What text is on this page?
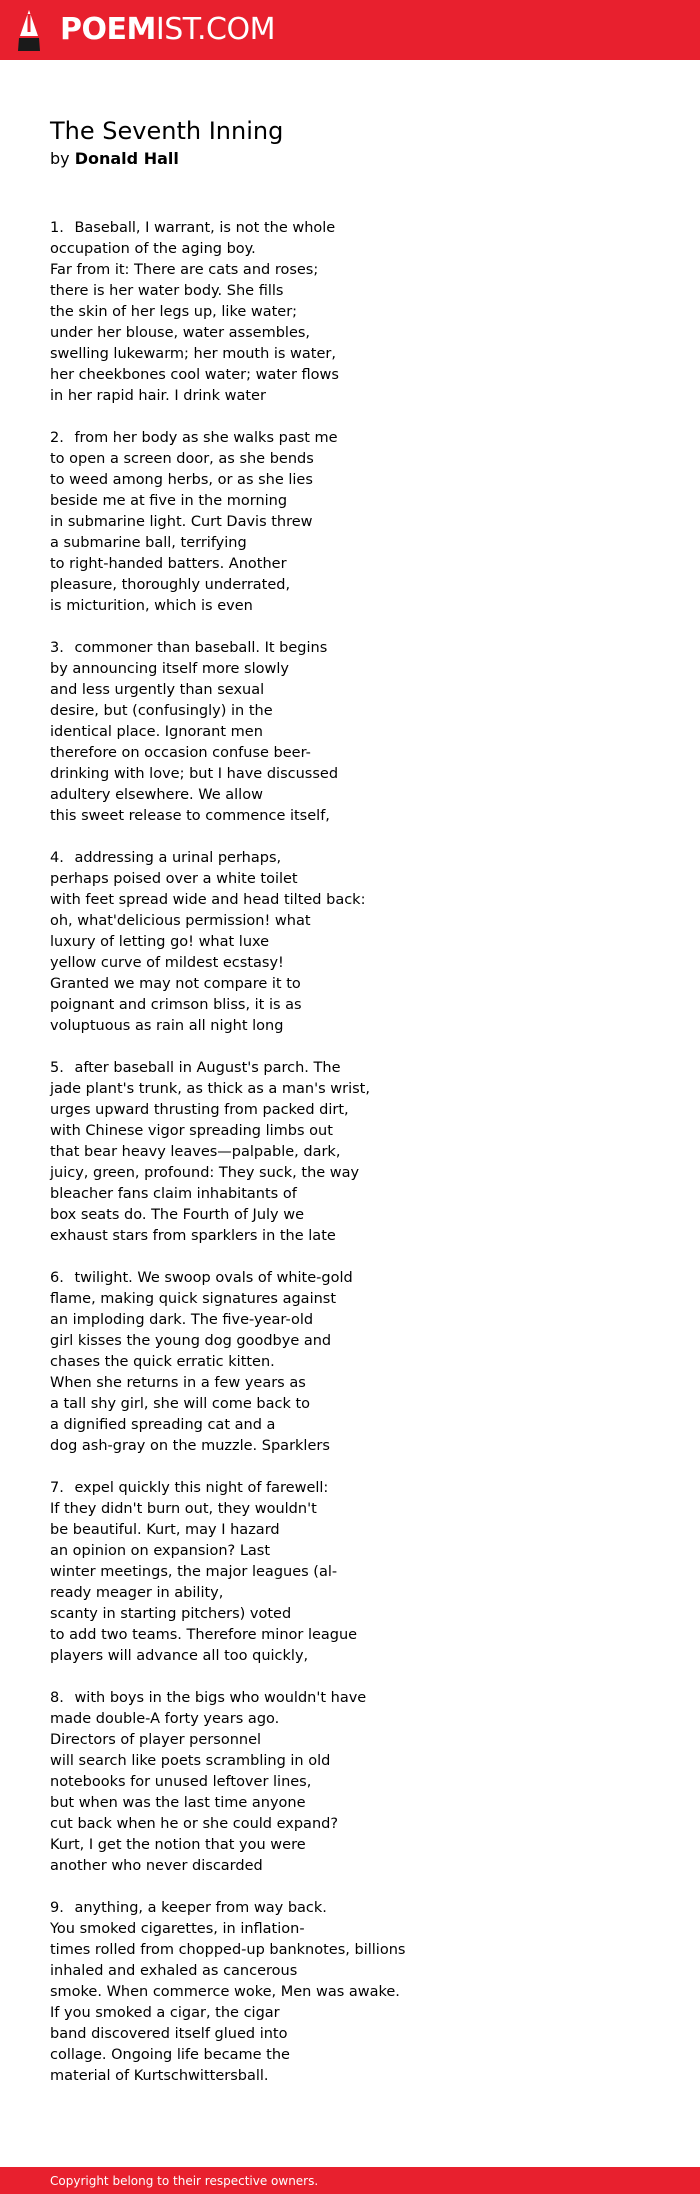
POEMIST.COM
The Seventh Inning
by Donald Hall
1. Baseball, I warrant, is not the whole
occupation of the aging boy.
Far from it: There are cats and roses;
there is her water body. She fills
the skin of her legs up, like water;
under her blouse, water assembles,
swelling lukewarm; her mouth is water,
her cheekbones cool water; water flows
in her rapid hair. I drink water
2. from her body as she walks past me
to open a screen door, as she bends
to weed among herbs, or as she lies
beside me at five in the morning
in submarine light. Curt Davis threw
a submarine ball, terrifying
to right-handed batters. Another
pleasure, thoroughly underrated,
is micturition, which is even
3. commoner than baseball. It begins
by announcing itself more slowly
and less urgently than sexual
desire, but (confusingly) in the
identical place. Ignorant men
therefore on occasion confuse beer-
drinking with love; but I have discussed
adultery elsewhere. We allow
this sweet release to commence itself,
4. addressing a urinal perhaps,
perhaps poised over a white toilet
with feet spread wide and head tilted back:
oh, what'delicious permission! what
luxury of letting go! what luxe
yellow curve of mildest ecstasy!
Granted we may not compare it to
poignant and crimson bliss, it is as
voluptuous as rain all night long
5. after baseball in August's parch. The
jade plant's trunk, as thick as a man's wrist,
urges upward thrusting from packed dirt,
with Chinese vigor spreading limbs out
that bear heavy leaves—palpable, dark,
juicy, green, profound: They suck, the way
bleacher fans claim inhabitants of
box seats do. The Fourth of July we
exhaust stars from sparklers in the late
6. twilight. We swoop ovals of white-gold
flame, making quick signatures against
an imploding dark. The five-year-old
girl kisses the young dog goodbye and
chases the quick erratic kitten.
When she returns in a few years as
a tall shy girl, she will come back to
a dignified spreading cat and a
dog ash-gray on the muzzle. Sparklers
7. expel quickly this night of farewell:
If they didn't burn out, they wouldn't
be beautiful. Kurt, may I hazard
an opinion on expansion? Last
winter meetings, the major leagues (al-
ready meager in ability,
scanty in starting pitchers) voted
to add two teams. Therefore minor league
players will advance all too quickly,
8. with boys in the bigs who wouldn't have
made double-A forty years ago.
Directors of player personnel
will search like poets scrambling in old
notebooks for unused leftover lines,
but when was the last time anyone
cut back when he or she could expand?
Kurt, I get the notion that you were
another who never discarded
9. anything, a keeper from way back.
You smoked cigarettes, in inflation-
times rolled from chopped-up banknotes, billions
inhaled and exhaled as cancerous
smoke. When commerce woke, Men was awake.
If you smoked a cigar, the cigar
band discovered itself glued into
collage. Ongoing life became the
material of Kurtschwittersball.
Copyright belong to their respective owners.
